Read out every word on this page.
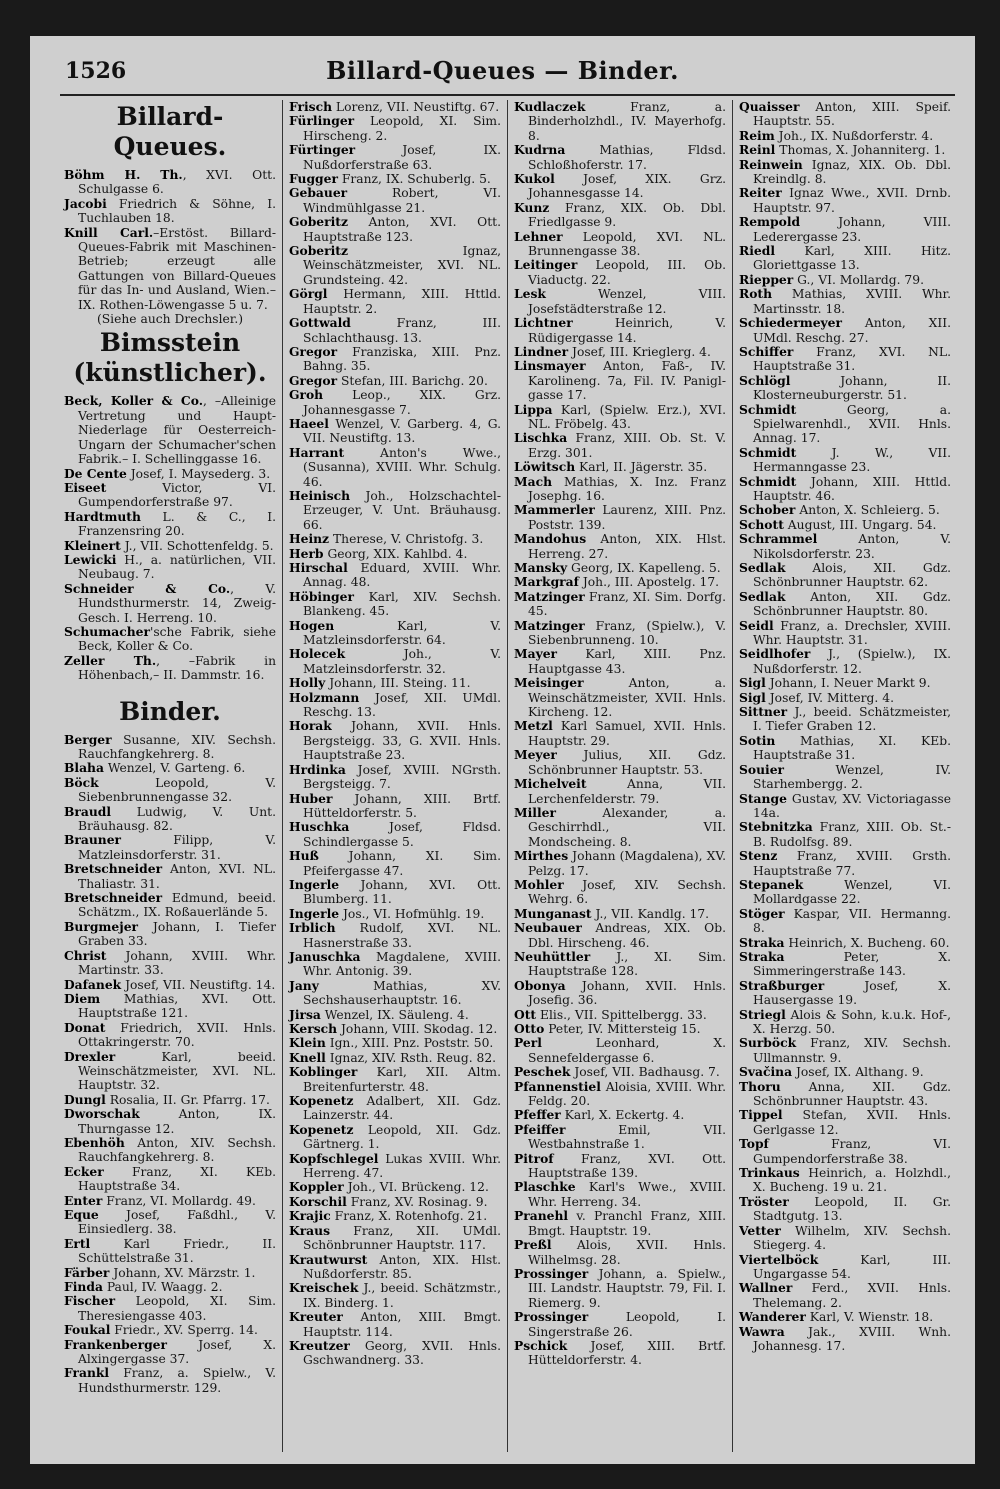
1526	Billard-Queues — Binder.
Billard-Queues.

Böhm H. Th., XVI. Ott. Schulgasse 6.

Jacobi Friedrich & Söhne, I. Tuchlauben 18.

Knill Carl.–Erstöst. Billard-Queues-Fabrik mit Maschinen-Betrieb; erzeugt alle Gattungen von Billard-Queues für das In- und Ausland, Wien.– IX. Rothen-Löwengasse 5 u. 7.

(Siehe auch Drechsler.)
Bimsstein (künstlicher).

Beck, Koller & Co., –Alleinige Vertretung und Haupt-Niederlage für Oesterreich-Ungarn der Schumacher'schen Fabrik.– I. Schellinggasse 16.

De Cente Josef, I. Maysederg. 3.

Eiseet Victor, VI. Gumpendorferstraße 97.

Hardtmuth L. & C., I. Franzensring 20.

Kleinert J., VII. Schottenfeldg. 5.

Lewicki H., a. natürlichen, VII. Neubaug. 7.

Schneider & Co., V. Hundsthurmerstr. 14, Zweig-Gesch. I. Herreng. 10.

Schumacher'sche Fabrik, siehe Beck, Koller & Co.

Zeller Th., –Fabrik in Höhenbach,– II. Dammstr. 16.

Binder.

Berger Susanne, XIV. Sechsh. Rauchfangkehrerg. 8.

Blaha Wenzel, V. Garteng. 6.

Böck Leopold, V. Siebenbrunnengasse 32.

Braudl Ludwig, V. Unt. Bräuhausg. 82.

Brauner Filipp, V. Matzleinsdorferstr. 31.

Bretschneider Anton, XVI. NL. Thaliastr. 31.

Bretschneider Edmund, beeid. Schätzm., IX. Roßauerlände 5.

Burgmejer Johann, I. Tiefer Graben 33.

Christ Johann, XVIII. Whr. Martinstr. 33.

Dafanek Josef, VII. Neustiftg. 14.

Diem Mathias, XVI. Ott. Hauptstraße 121.

Donat Friedrich, XVII. Hnls. Ottakringerstr. 70.

Drexler Karl, beeid. Weinschätzmeister, XVI. NL. Hauptstr. 32.

Dungl Rosalia, II. Gr. Pfarrg. 17.

Dworschak Anton, IX. Thurngasse 12.

Ebenhöh Anton, XIV. Sechsh. Rauchfangkehrerg. 8.

Ecker Franz, XI. KEb. Hauptstraße 34.

Enter Franz, VI. Mollardg. 49.

Eque Josef, Faßdhl., V. Einsiedlerg. 38.

Ertl Karl Friedr., II. Schüttelstraße 31.

Färber Johann, XV. Märzstr. 1.

Finda Paul, IV. Waagg. 2.

Fischer Leopold, XI. Sim. Theresiengasse 403.

Foukal Friedr., XV. Sperrg. 14.

Frankenberger Josef, X. Alxingergasse 37.

Frankl Franz, a. Spielw., V. Hundsthurmerstr. 129.

Frisch Lorenz, VII. Neustiftg. 67.

Fürlinger Leopold, XI. Sim. Hirscheng. 2.

Fürtinger Josef, IX. Nußdorferstraße 63.

Fugger Franz, IX. Schuberlg. 5.

Gebauer Robert, VI. Windmühlgasse 21.

Goberitz Anton, XVI. Ott. Hauptstraße 123.

Goberitz Ignaz, Weinschätzmeister, XVI. NL. Grundsteing. 42.

Görgl Hermann, XIII. Httld. Hauptstr. 2.

Gottwald Franz, III. Schlachthausg. 13.

Gregor Franziska, XIII. Pnz. Bahng. 35.

Gregor Stefan, III. Barichg. 20.

Groh Leop., XIX. Grz. Johannesgasse 7.

Haeel Wenzel, V. Garberg. 4, G. VII. Neustiftg. 13.

Harrant Anton's Wwe., (Susanna), XVIII. Whr. Schulg. 46.

Heinisch Joh., Holzschachtel-Erzeuger, V. Unt. Bräuhausg. 66.

Heinz Therese, V. Christofg. 3.

Herb Georg, XIX. Kahlbd. 4.

Hirschal Eduard, XVIII. Whr. Annag. 48.

Höbinger Karl, XIV. Sechsh. Blankeng. 45.

Hogen Karl, V. Matzleinsdorferstr. 64.

Holecek Joh., V. Matzleinsdorferstr. 32.

Holly Johann, III. Steing. 11.

Holzmann Josef, XII. UMdl. Reschg. 13.

Horak Johann, XVII. Hnls. Bergsteigg. 33, G. XVII. Hnls. Hauptstraße 23.

Hrdinka Josef, XVIII. NGrsth. Bergsteigg. 7.

Huber Johann, XIII. Brtf. Hütteldorferstr. 5.

Huschka Josef, Fldsd. Schindlergasse 5.

Huß Johann, XI. Sim. Pfeifergasse 47.

Ingerle Johann, XVI. Ott. Blumberg. 11.

Ingerle Jos., VI. Hofmühlg. 19.

Irblich Rudolf, XVI. NL. Hasnerstraße 33.

Januschka Magdalene, XVIII. Whr. Antonig. 39.

Jany Mathias, XV. Sechshauserhauptstr. 16.

Jirsa Wenzel, IX. Säuleng. 4.

Kersch Johann, VIII. Skodag. 12.

Klein Ign., XIII. Pnz. Poststr. 50.

Knell Ignaz, XIV. Rsth. Reug. 82.

Koblinger Karl, XII. Altm. Breitenfurterstr. 48.

Kopenetz Adalbert, XII. Gdz. Lainzerstr. 44.

Kopenetz Leopold, XII. Gdz. Gärtnerg. 1.

Kopfschlegel Lukas XVIII. Whr. Herreng. 47.

Koppler Joh., VI. Brückeng. 12.

Korschil Franz, XV. Rosinag. 9.

Krajic Franz, X. Rotenhofg. 21.

Kraus Franz, XII. UMdl. Schönbrunner Hauptstr. 117.

Krautwurst Anton, XIX. Hlst. Nußdorferstr. 85.

Kreischek J., beeid. Schätzmstr., IX. Binderg. 1.

Kreuter Anton, XIII. Bmgt. Hauptstr. 114.

Kreutzer Georg, XVII. Hnls. Gschwandnerg. 33.

Kudlaczek Franz, a. Binderholzhdl., IV. Mayerhofg. 8.

Kudrna Mathias, Fldsd. Schloßhoferstr. 17.

Kukol Josef, XIX. Grz. Johannesgasse 14.

Kunz Franz, XIX. Ob. Dbl. Friedlgasse 9.

Lehner Leopold, XVI. NL. Brunnengasse 38.

Leitinger Leopold, III. Ob. Viaductg. 22.

Lesk Wenzel, VIII. Josefstädterstraße 12.

Lichtner Heinrich, V. Rüdigergasse 14.

Lindner Josef, III. Krieglerg. 4.

Linsmayer Anton, Faß-, IV. Karolineng. 7a, Fil. IV. Panigl-gasse 17.

Lippa Karl, (Spielw. Erz.), XVI. NL. Fröbelg. 43.

Lischka Franz, XIII. Ob. St. V. Erzg. 301.

Löwitsch Karl, II. Jägerstr. 35.

Mach Mathias, X. Inz. Franz Josephg. 16.

Mammerler Laurenz, XIII. Pnz. Poststr. 139.

Mandohus Anton, XIX. Hlst. Herreng. 27.

Mansky Georg, IX. Kapelleng. 5.

Markgraf Joh., III. Apostelg. 17.

Matzinger Franz, XI. Sim. Dorfg. 45.

Matzinger Franz, (Spielw.), V. Siebenbrunneng. 10.

Mayer Karl, XIII. Pnz. Hauptgasse 43.

Meisinger Anton, a. Weinschätzmeister, XVII. Hnls. Kircheng. 12.

Metzl Karl Samuel, XVII. Hnls. Hauptstr. 29.

Meyer Julius, XII. Gdz. Schönbrunner Hauptstr. 53.

Michelveit Anna, VII. Lerchenfelderstr. 79.

Miller Alexander, a. Geschirrhdl., VII. Mondscheing. 8.

Mirthes Johann (Magdalena), XV. Pelzg. 17.

Mohler Josef, XIV. Sechsh. Wehrg. 6.

Munganast J., VII. Kandlg. 17.

Neubauer Andreas, XIX. Ob. Dbl. Hirscheng. 46.

Neuhüttler J., XI. Sim. Hauptstraße 128.

Obonya Johann, XVII. Hnls. Josefig. 36.

Ott Elis., VII. Spittelbergg. 33.

Otto Peter, IV. Mittersteig 15.

Perl Leonhard, X. Sennefeldergasse 6.

Peschek Josef, VII. Badhausg. 7.

Pfannenstiel Aloisia, XVIII. Whr. Feldg. 20.

Pfeffer Karl, X. Eckertg. 4.

Pfeiffer Emil, VII. Westbahnstraße 1.

Pitrof Franz, XVI. Ott. Hauptstraße 139.

Plaschke Karl's Wwe., XVIII. Whr. Herreng. 34.

Pranehl v. Pranchl Franz, XIII. Bmgt. Hauptstr. 19.

Preßl Alois, XVII. Hnls. Wilhelmsg. 28.

Prossinger Johann, a. Spielw., III. Landstr. Hauptstr. 79, Fil. I. Riemerg. 9.

Prossinger Leopold, I. Singerstraße 26.

Pschick Josef, XIII. Brtf. Hütteldorferstr. 4.

Quaisser Anton, XIII. Speif. Hauptstr. 55.

Reim Joh., IX. Nußdorferstr. 4.

Reinl Thomas, X. Johanniterg. 1.

Reinwein Ignaz, XIX. Ob. Dbl. Kreindlg. 8.

Reiter Ignaz Wwe., XVII. Drnb. Hauptstr. 97.

Rempold Johann, VIII. Lederergasse 23.

Riedl Karl, XIII. Hitz. Gloriettgasse 13.

Riepper G., VI. Mollardg. 79.

Roth Mathias, XVIII. Whr. Martinsstr. 18.

Schiedermeyer Anton, XII. UMdl. Reschg. 27.

Schiffer Franz, XVI. NL. Hauptstraße 31.

Schlögl Johann, II. Klosterneuburgerstr. 51.

Schmidt Georg, a. Spielwarenhdl., XVII. Hnls. Annag. 17.

Schmidt J. W., VII. Hermanngasse 23.

Schmidt Johann, XIII. Httld. Hauptstr. 46.

Schober Anton, X. Schleierg. 5.

Schott August, III. Ungarg. 54.

Schrammel Anton, V. Nikolsdorferstr. 23.

Sedlak Alois, XII. Gdz. Schönbrunner Hauptstr. 62.

Sedlak Anton, XII. Gdz. Schönbrunner Hauptstr. 80.

Seidl Franz, a. Drechsler, XVIII. Whr. Hauptstr. 31.

Seidlhofer J., (Spielw.), IX. Nußdorferstr. 12.

Sigl Johann, I. Neuer Markt 9.

Sigl Josef, IV. Mitterg. 4.

Sittner J., beeid. Schätzmeister, I. Tiefer Graben 12.

Sotin Mathias, XI. KEb. Hauptstraße 31.

Souier Wenzel, IV. Starhembergg. 2.

Stange Gustav, XV. Victoriagasse 14a.

Stebnitzka Franz, XIII. Ob. St.-B. Rudolfsg. 89.

Stenz Franz, XVIII. Grsth. Hauptstraße 77.

Stepanek Wenzel, VI. Mollardgasse 22.

Stöger Kaspar, VII. Hermanng. 8.

Straka Heinrich, X. Bucheng. 60.

Straka Peter, X. Simmeringerstraße 143.

Straßburger Josef, X. Hausergasse 19.

Striegl Alois & Sohn, k.u.k. Hof-, X. Herzg. 50.

Surböck Franz, XIV. Sechsh. Ullmannstr. 9.

Svačina Josef, IX. Althang. 9.

Thoru Anna, XII. Gdz. Schönbrunner Hauptstr. 43.

Tippel Stefan, XVII. Hnls. Gerlgasse 12.

Topf Franz, VI. Gumpendorferstraße 38.

Trinkaus Heinrich, a. Holzhdl., X. Bucheng. 19 u. 21.

Tröster Leopold, II. Gr. Stadtgutg. 13.

Vetter Wilhelm, XIV. Sechsh. Stiegerg. 4.

Viertelböck Karl, III. Ungargasse 54.

Wallner Ferd., XVII. Hnls. Thelemang. 2.

Wanderer Karl, V. Wienstr. 18.

Wawra Jak., XVIII. Wnh. Johannesg. 17.
